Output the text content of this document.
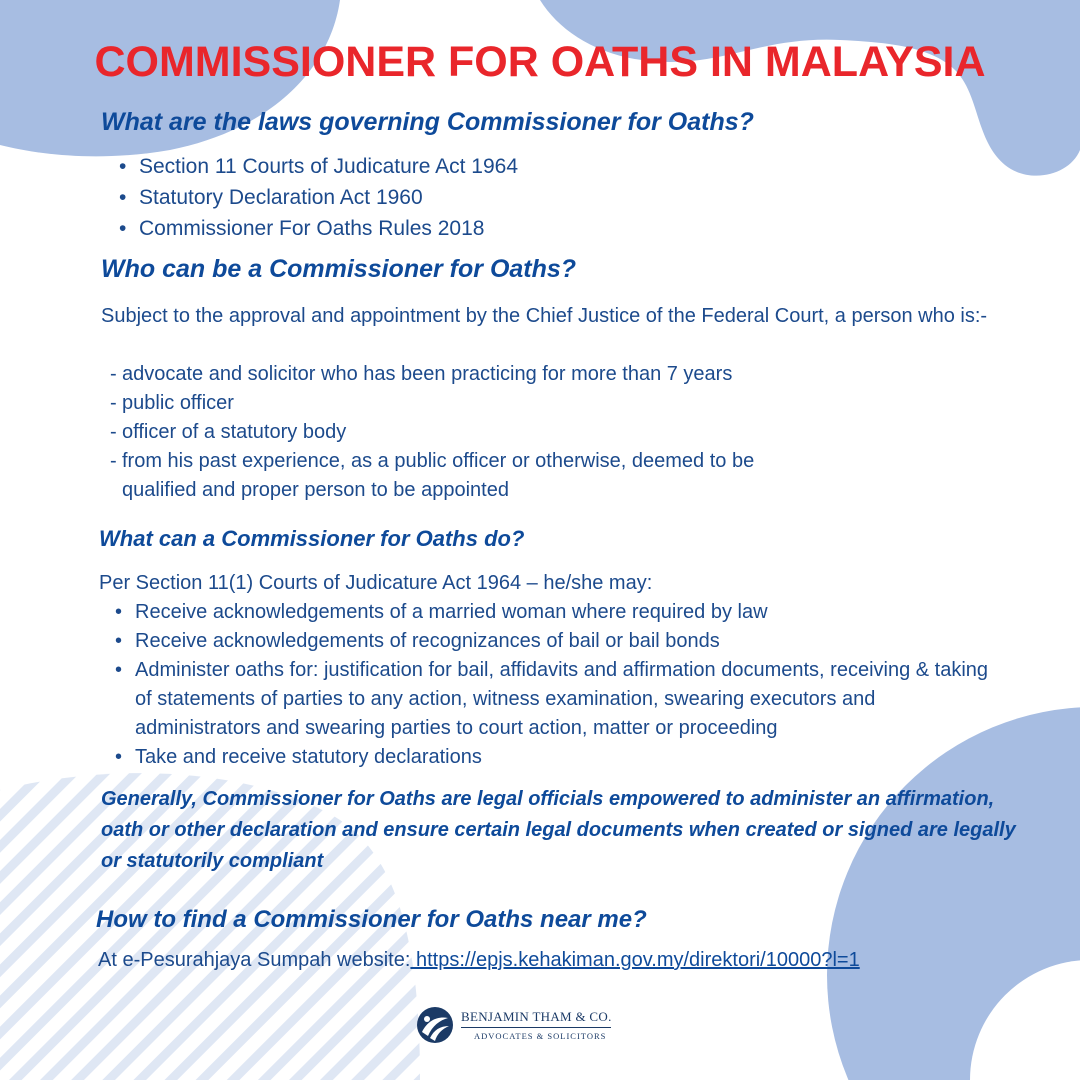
COMMISSIONER FOR OATHS IN MALAYSIA
What are the laws governing Commissioner for Oaths?
• Section 11 Courts of Judicature Act 1964
• Statutory Declaration Act 1960
• Commissioner For Oaths Rules 2018
Who can be a Commissioner for Oaths?

Subject to the approval and appointment by the Chief Justice of the Federal Court, a person who is:-

- advocate and solicitor who has been practicing for more than 7 years

- public officer

- officer of a statutory body

- from his past experience, as a public officer or otherwise, deemed to be

qualified and proper person to be appointed

What can a Commissioner for Oaths do?

Per Section 11(1) Courts of Judicature Act 1964 – he/she may:

• Receive acknowledgements of a married woman where required by law
• Receive acknowledgements of recognizances of bail or bail bonds
• Administer oaths for: justification for bail, affidavits and affirmation documents, receiving & taking of statements of parties to any action, witness examination, swearing executors and administrators and swearing parties to court action, matter or proceeding
• Take and receive statutory declarations

Generally, Commissioner for Oaths are legal officials empowered to administer an affirmation, oath or other declaration and ensure certain legal documents when created or signed are legally or statutorily compliant

How to find a Commissioner for Oaths near me?

At e-Pesurahjaya Sumpah website: https://epjs.kehakiman.gov.my/direktori/10000?l=1

BENJAMIN THAM & CO.
ADVOCATES & SOLICITORS
